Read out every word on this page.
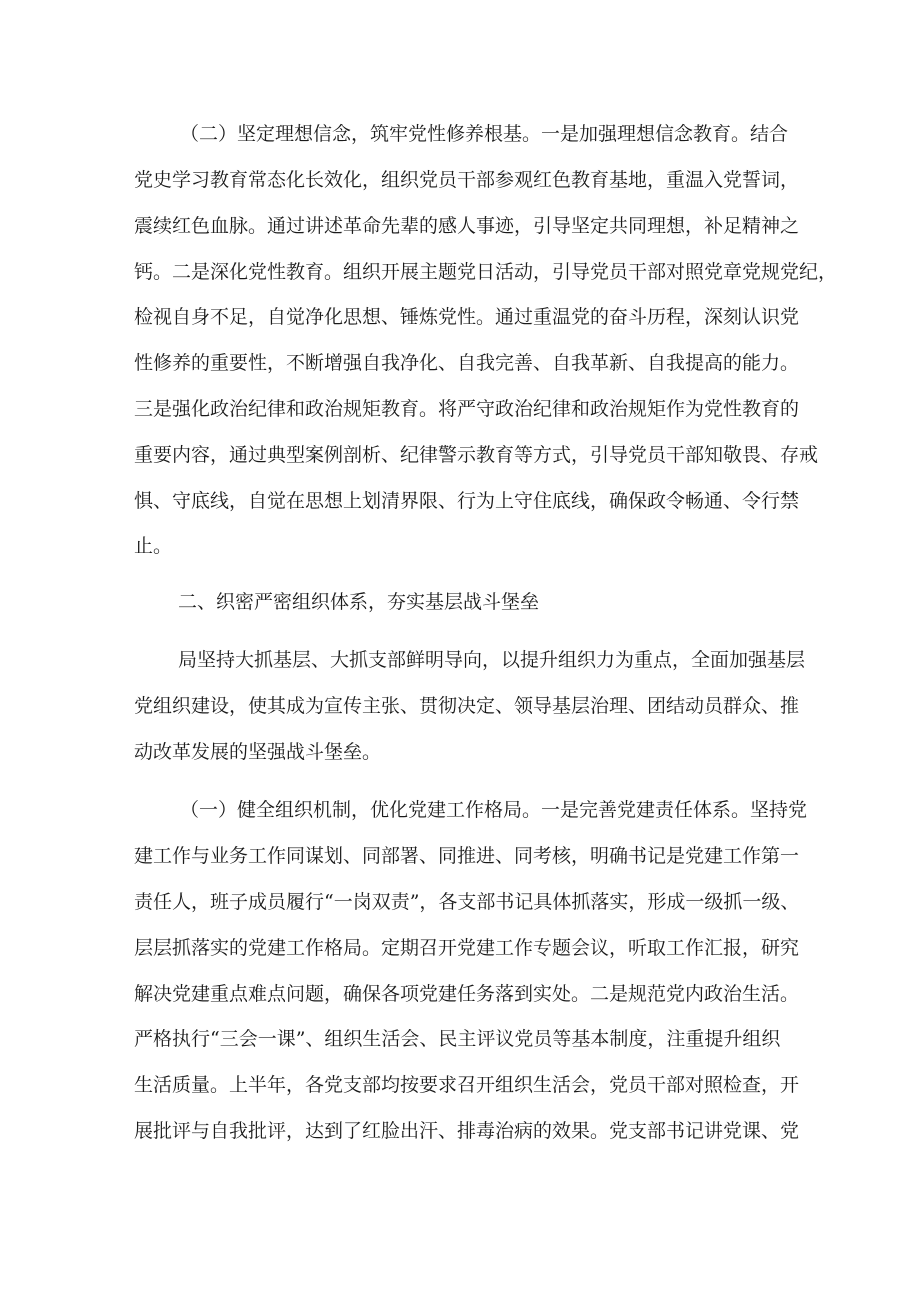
（二）坚定理想信念，筑牢党性修养根基。一是加强理想信念教育。结合
党史学习教育常态化长效化，组织党员干部参观红色教育基地，重温入党誓词，
震续红色血脉。通过讲述革命先辈的感人事迹，引导坚定共同理想，补足精神之
钙。二是深化党性教育。组织开展主题党日活动，引导党员干部对照党章党规党纪，
检视自身不足，自觉净化思想、锤炼党性。通过重温党的奋斗历程，深刻认识党
性修养的重要性，不断增强自我净化、自我完善、自我革新、自我提高的能力。
三是强化政治纪律和政治规矩教育。将严守政治纪律和政治规矩作为党性教育的
重要内容，通过典型案例剖析、纪律警示教育等方式，引导党员干部知敬畏、存戒
惧、守底线，自觉在思想上划清界限、行为上守住底线，确保政令畅通、令行禁
止。
二、织密严密组织体系，夯实基层战斗堡垒
局坚持大抓基层、大抓支部鲜明导向，以提升组织力为重点，全面加强基层
党组织建设，使其成为宣传主张、贯彻决定、领导基层治理、团结动员群众、推
动改革发展的坚强战斗堡垒。
（一）健全组织机制，优化党建工作格局。一是完善党建责任体系。坚持党
建工作与业务工作同谋划、同部署、同推进、同考核，明确书记是党建工作第一
责任人，班子成员履行“一岗双责”，各支部书记具体抓落实，形成一级抓一级、
层层抓落实的党建工作格局。定期召开党建工作专题会议，听取工作汇报，研究
解决党建重点难点问题，确保各项党建任务落到实处。二是规范党内政治生活。
严格执行“三会一课”、组织生活会、民主评议党员等基本制度，注重提升组织
生活质量。上半年，各党支部均按要求召开组织生活会，党员干部对照检查，开
展批评与自我批评，达到了红脸出汗、排毒治病的效果。党支部书记讲党课、党
